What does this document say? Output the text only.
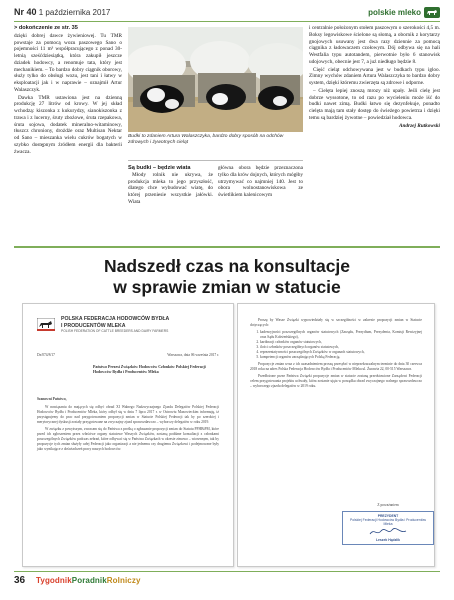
Nr 40 1 października 2017	polskie mleko
> dokończenie ze str. 35

dzięki dobrej dawce żywieniowej. Tu TMR powstaje za pomocą wozu paszowego Sano o pojemności 11 m³ współpracującego z ponad 30-letnią sześćdziesiątką, która zakupił jeszcze dziadek hodowcy, a renomuje tata, który jest mechanikiem. – To bardzo dobry ciągnik oborowy, służy tylko do obsługi wozu, jest tani i łatwy w eksploatacji jak i w naprawie – oznajmił Artur Walaszczyk.

Dawka TMR ustawiona jest na dzienną produkcję 27 litrów od krowy. W jej skład wchodzą: kiszonka z kukurydzy, sianokiszonka z trawa i z lucerny, śruty zbożowe, śruta rzepakowa, śruta sojowa, dodatek mineralno-witaminowy, tłuszcz chroniony, drożdże oraz Multisan Nektar od Sano – mieszanka wielu cukrów bogatych w szybko dostępnym źródłem energii dla bakterii żwacza.

Budki to zdaniem Artura Walaszczyka, bardzo dobry sposób na odchów zdrowych i żywotnych cieląt
Są budki – będzie wiata

Młody rolnik nie ukrywa, że produkcja mleka to jego przyszłość, dlatego chce wybudować wiatę, do której przeniesie wszystkie jałówki. Wiata

główna obora będzie przeznaczona tylko dla krów dojnych, których mógłby utrzymywać co najmniej 140. Jest to obora wolnostanowiskowa ze świetlikiem kalenicowym

i centralnie położonym stołem paszowym o szerokości 4,5 m. Boksy legowiskowe ścielone są słomą, a obornik z korytarzy gnojowych usuwany jest dwa razy dziennie za pomocą ciągnika z ładowaczem czołowym. Dój odbywa się na hali Westfalia typu autotandem, pierwotnie było 6 stanowisk udojowych, obecnie jest 7, a już niedługo będzie 8.

Cięść cieląt odchowywana jest w budkach typu igloo. Zimny wychów zdaniem Artura Walaszczyka to bardzo dobry system, dzięki któremu zwierzęta są zdrowe i odporne.

– Cielęta lepiej znoszą mrozy niż upały. Jeśli cielę jest dobrze wyssotone, to od razu po wycieleniu może iść do budki nawet zimą. Budki łatwo się dezynfekuje, ponadto cielęta mają tam stały dostęp do świeżego powietrza i dzięki temu są bardziej żywotne – powiedział hodowca.

Andrzej Rutkowski
Nadszedł czas na konsultacje
w sprawie zmian w statucie
POLSKA FEDERACJA HODOWCÓW BYDŁA
I PRODUCENTÓW MLEKA
POLISH FEDERATION OF CATTLE BREEDERS AND DAIRY FARMERS
Dz/074/8/17	Warszawa, dnia 06 września 2017 r.
Państwo Prezesi Związków Hodowców Członków Polskiej Federacji Hodowców Bydła i Producentów Mleka
Szanowni Państwo,

W nawiązaniu do mających się odbyć obrad XI Walnego Nadzwyczajnego Zjazdu Delegatów Polskiej Federacji Hodowców Bydła i Producentów Mleka, który odbył się w dniu 7 lipca 2017 r. w Ostrowiu Mazowieckim informuję, iż przystępujemy do prac nad przygotowaniem propozycji zmian w Statucie Polskiej Federacji tak by po szerokiej i merytorycznej dyskusji zostały przygotowane na zwyczajny zjazd sprawozdawczo – wyborczy delegatów w roku 2019.

W związku z powyższym, zwracam się do Państwa z prośbą o zgłaszanie propozycji zmian do Statutu PFHBiPM, które przed ich zgłoszeniem przez właściwe organy statutowe Waszych Związków, zostaną poddane konsultacji z członkami poszczególnych Związków podczas zebrań, które odbywać się w Państwa Związkach w okresie zimowo – wiosennym, tak by propozycje tych zmian służyły całej Federacji jako organizacji a nie jednemu czy drugiemu Związkowi i podejmowane były jako wynikające z doświadczeń pracy naszych hodowców.

Proszę by Wasze Związki wypowiedziały się w szczególności w zakresie propozycji zmian w Statucie dotyczących:

1. kadencyjności poszczególnych organów statutowych (Zarządu, Prezydium, Prezydenta, Komisji Rewizyjnej oraz Sądu Koleżeńskiego),
2. kardinacji członków organów statutowych,
3. ilości członków poszczególnych organów statutowych,
4. reprezentatywności poszczególnych Związków w organach statutowych,
5. kompetencji organów zarządzających Polską Federacją.

Propozycje zmian wraz z ich uzasadnieniem proszę przesyłać w nieprzekraczalnym terminie do dnia 30 czerwca 2018 roku na adres Polska Federacja Hodowców Bydła i Producentów Mleka ul. Żurawia 22, 00-515 Warszawa.

Przedłożone przez Państwa Związki propozycje zmian w statucie zostaną przedstawione Zarządowi Federacji celem przygotowania projektu uchwały, która zostanie ujęta w porządku obrad zwyczajnego walnego sprawozdawczo – wyborczego zjazdu delegatów w 2019 roku.

Z poważaniem
PREZYDENT
Polskiej Federacji Hodowców Bydła i Producentów Mleka
Leszek Hądzlik
36 TygodnikPoradnikRolniczy
